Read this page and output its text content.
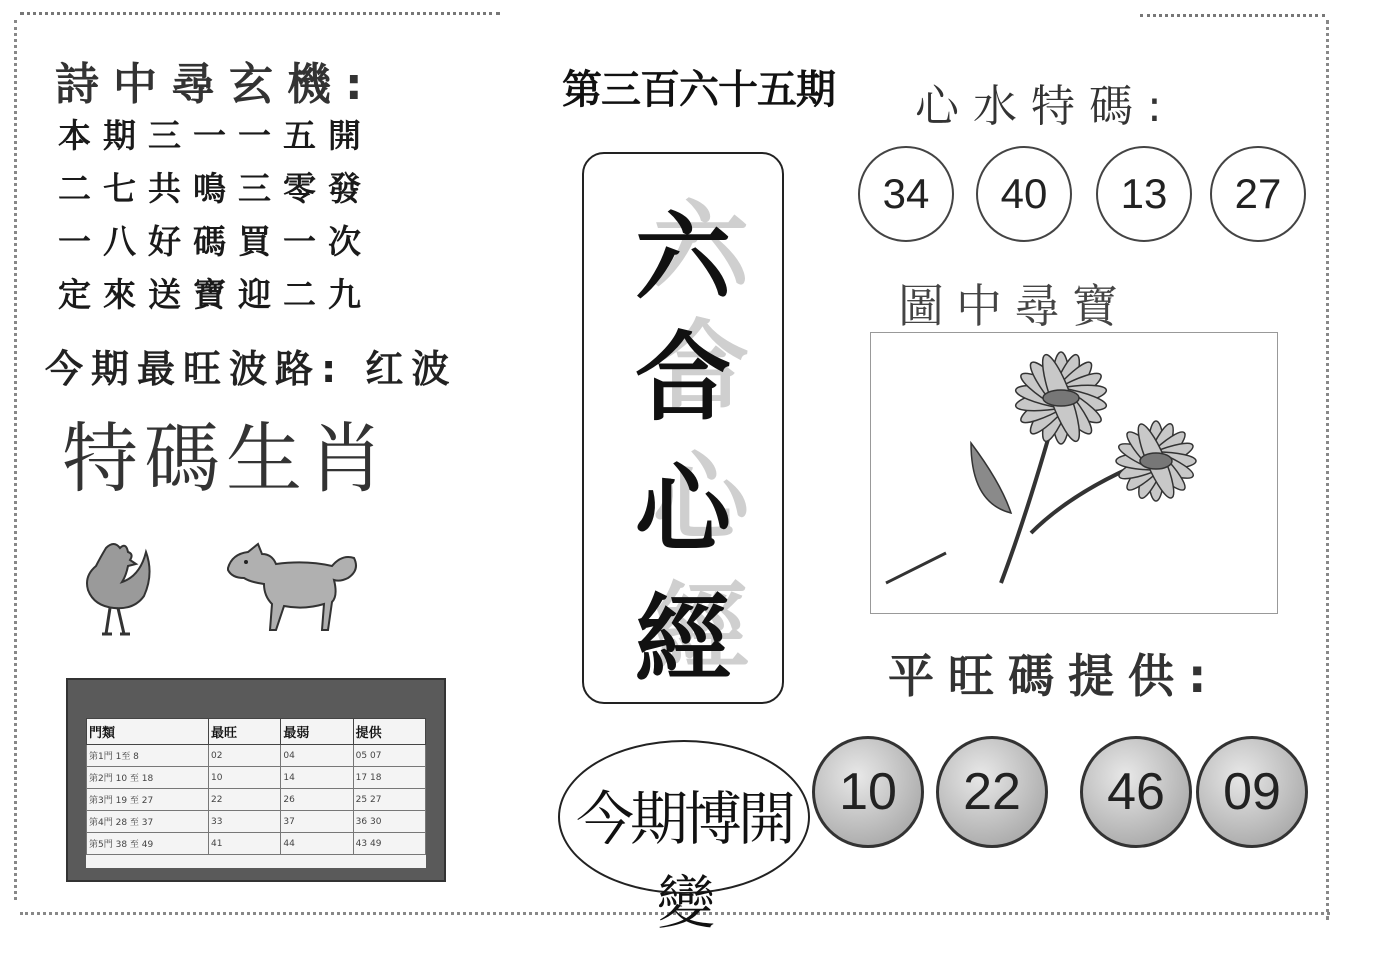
詩中尋玄機:
本期三一一五開
二七共鳴三零發
一八好碼買一次
定來送寶迎二九
今期最旺波路: 红波
特碼生肖
門類	最旺	最弱	提供
第1門 1至 8	02	04	05 07
第2門 10 至 18	10	14	17 18
第3門 19 至 27	22	26	25 27
第4門 28 至 37	33	37	36 30
第5門 38 至 49	41	44	43 49
第三百六十五期
六
合
心
經
今期博開變
心水特碼:
34	40	13	27
圖中尋寶
平旺碼提供:
10	22	46	09
